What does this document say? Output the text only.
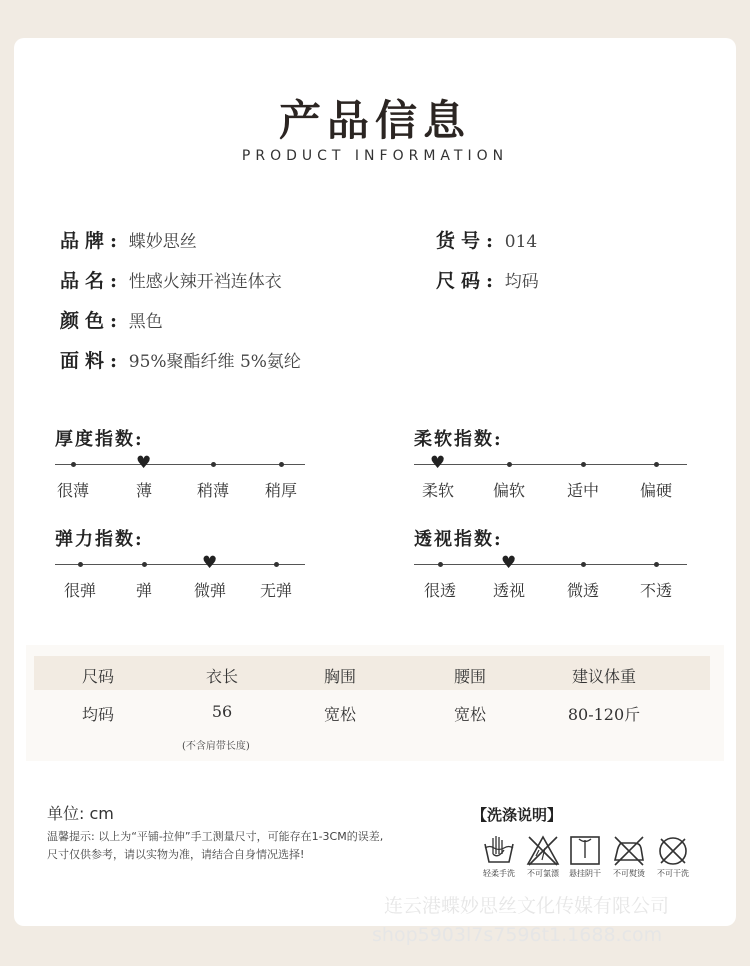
产品信息
PRODUCT INFORMATION
品牌: 蝶妙思丝	货号: 014
品名: 性感火辣开裆连体衣	尺码: 均码
颜色: 黑色
面料: 95%聚酯纤维 5%氨纶
厚度指数:
很薄
♥
薄	稍薄	稍厚
柔软指数:
♥
柔软	偏软	适中	偏硬
弹力指数:
很弹	弹
♥
微弹	无弹
透视指数:
很透
♥
透视	微透	不透
尺码	衣长	胸围	腰围	建议体重
均码	56	宽松	宽松	80-120斤
(不含肩带长度)
单位: cm
温馨提示: 以上为“平铺-拉伸”手工测量尺寸，可能存在1-3CM的误差,
尺寸仅供参考，请以实物为准，请结合自身情况选择!
【洗涤说明】
轻柔手洗	不可氯漂	悬挂阴干	不可熨烫	不可干洗
连云港蝶妙思丝文化传媒有限公司
shop5903l7s7596t1.1688.com
